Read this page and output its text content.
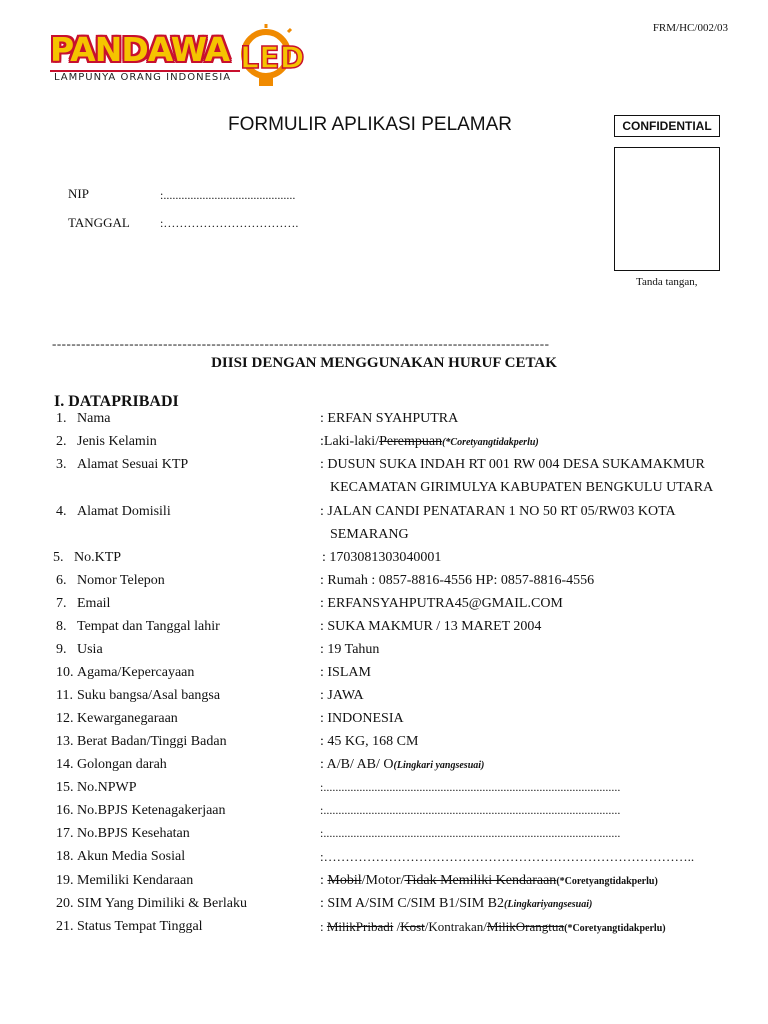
FRM/HC/002/03
PANDAWA
LAMPUNYA ORANG INDONESIA
LED
FORMULIR APLIKASI PELAMAR	CONFIDENTIAL
Tanda tangan,
NIP	:............................................
TANGGAL	:…………………………….
-------------------------------------------------------------------------------------------------------
DIISI DENGAN MENGGUNAKAN HURUF CETAK
I. DATAPRIBADI
1. Nama	: ERFAN SYAHPUTRA
2. Jenis Kelamin	:Laki-laki/Perempuan(*Coretyangtidakperlu)
3. Alamat Sesuai KTP	: DUSUN SUKA INDAH RT 001 RW 004 DESA SUKAMAKMUR
KECAMATAN GIRIMULYA KABUPATEN BENGKULU UTARA
4. Alamat Domisili	: JALAN CANDI PENATARAN 1 NO 50 RT 05/RW03 KOTA
SEMARANG
5. No.KTP	: 1703081303040001
6. Nomor Telepon	: Rumah : 0857-8816-4556 HP: 0857-8816-4556
7. Email	: ERFANSYAHPUTRA45@GMAIL.COM
8. Tempat dan Tanggal lahir	: SUKA MAKMUR / 13 MARET 2004
9. Usia	: 19 Tahun
10. Agama/Kepercayaan	: ISLAM
11. Suku bangsa/Asal bangsa	: JAWA
12. Kewarganegaraan	: INDONESIA
13. Berat Badan/Tinggi Badan	: 45 KG, 168 CM
14. Golongan darah	: A/B/ AB/ O(Lingkari yangsesuai)
15. No.NPWP	:...................................................................................................
16. No.BPJS Ketenagakerjaan	:...................................................................................................
17. No.BPJS Kesehatan	:...................................................................................................
18. Akun Media Sosial	:…………………………………………………………………………..
19. Memiliki Kendaraan	: Mobil/Motor/Tidak Memiliki Kendaraan(*Coretyangtidakperlu)
20. SIM Yang Dimiliki & Berlaku	: SIM A/SIM C/SIM B1/SIM B2(Lingkariyangsesuai)
21. Status Tempat Tinggal	: MilikPribadi /Kost/Kontrakan/MilikOrangtua(*Coretyangtidakperlu)
